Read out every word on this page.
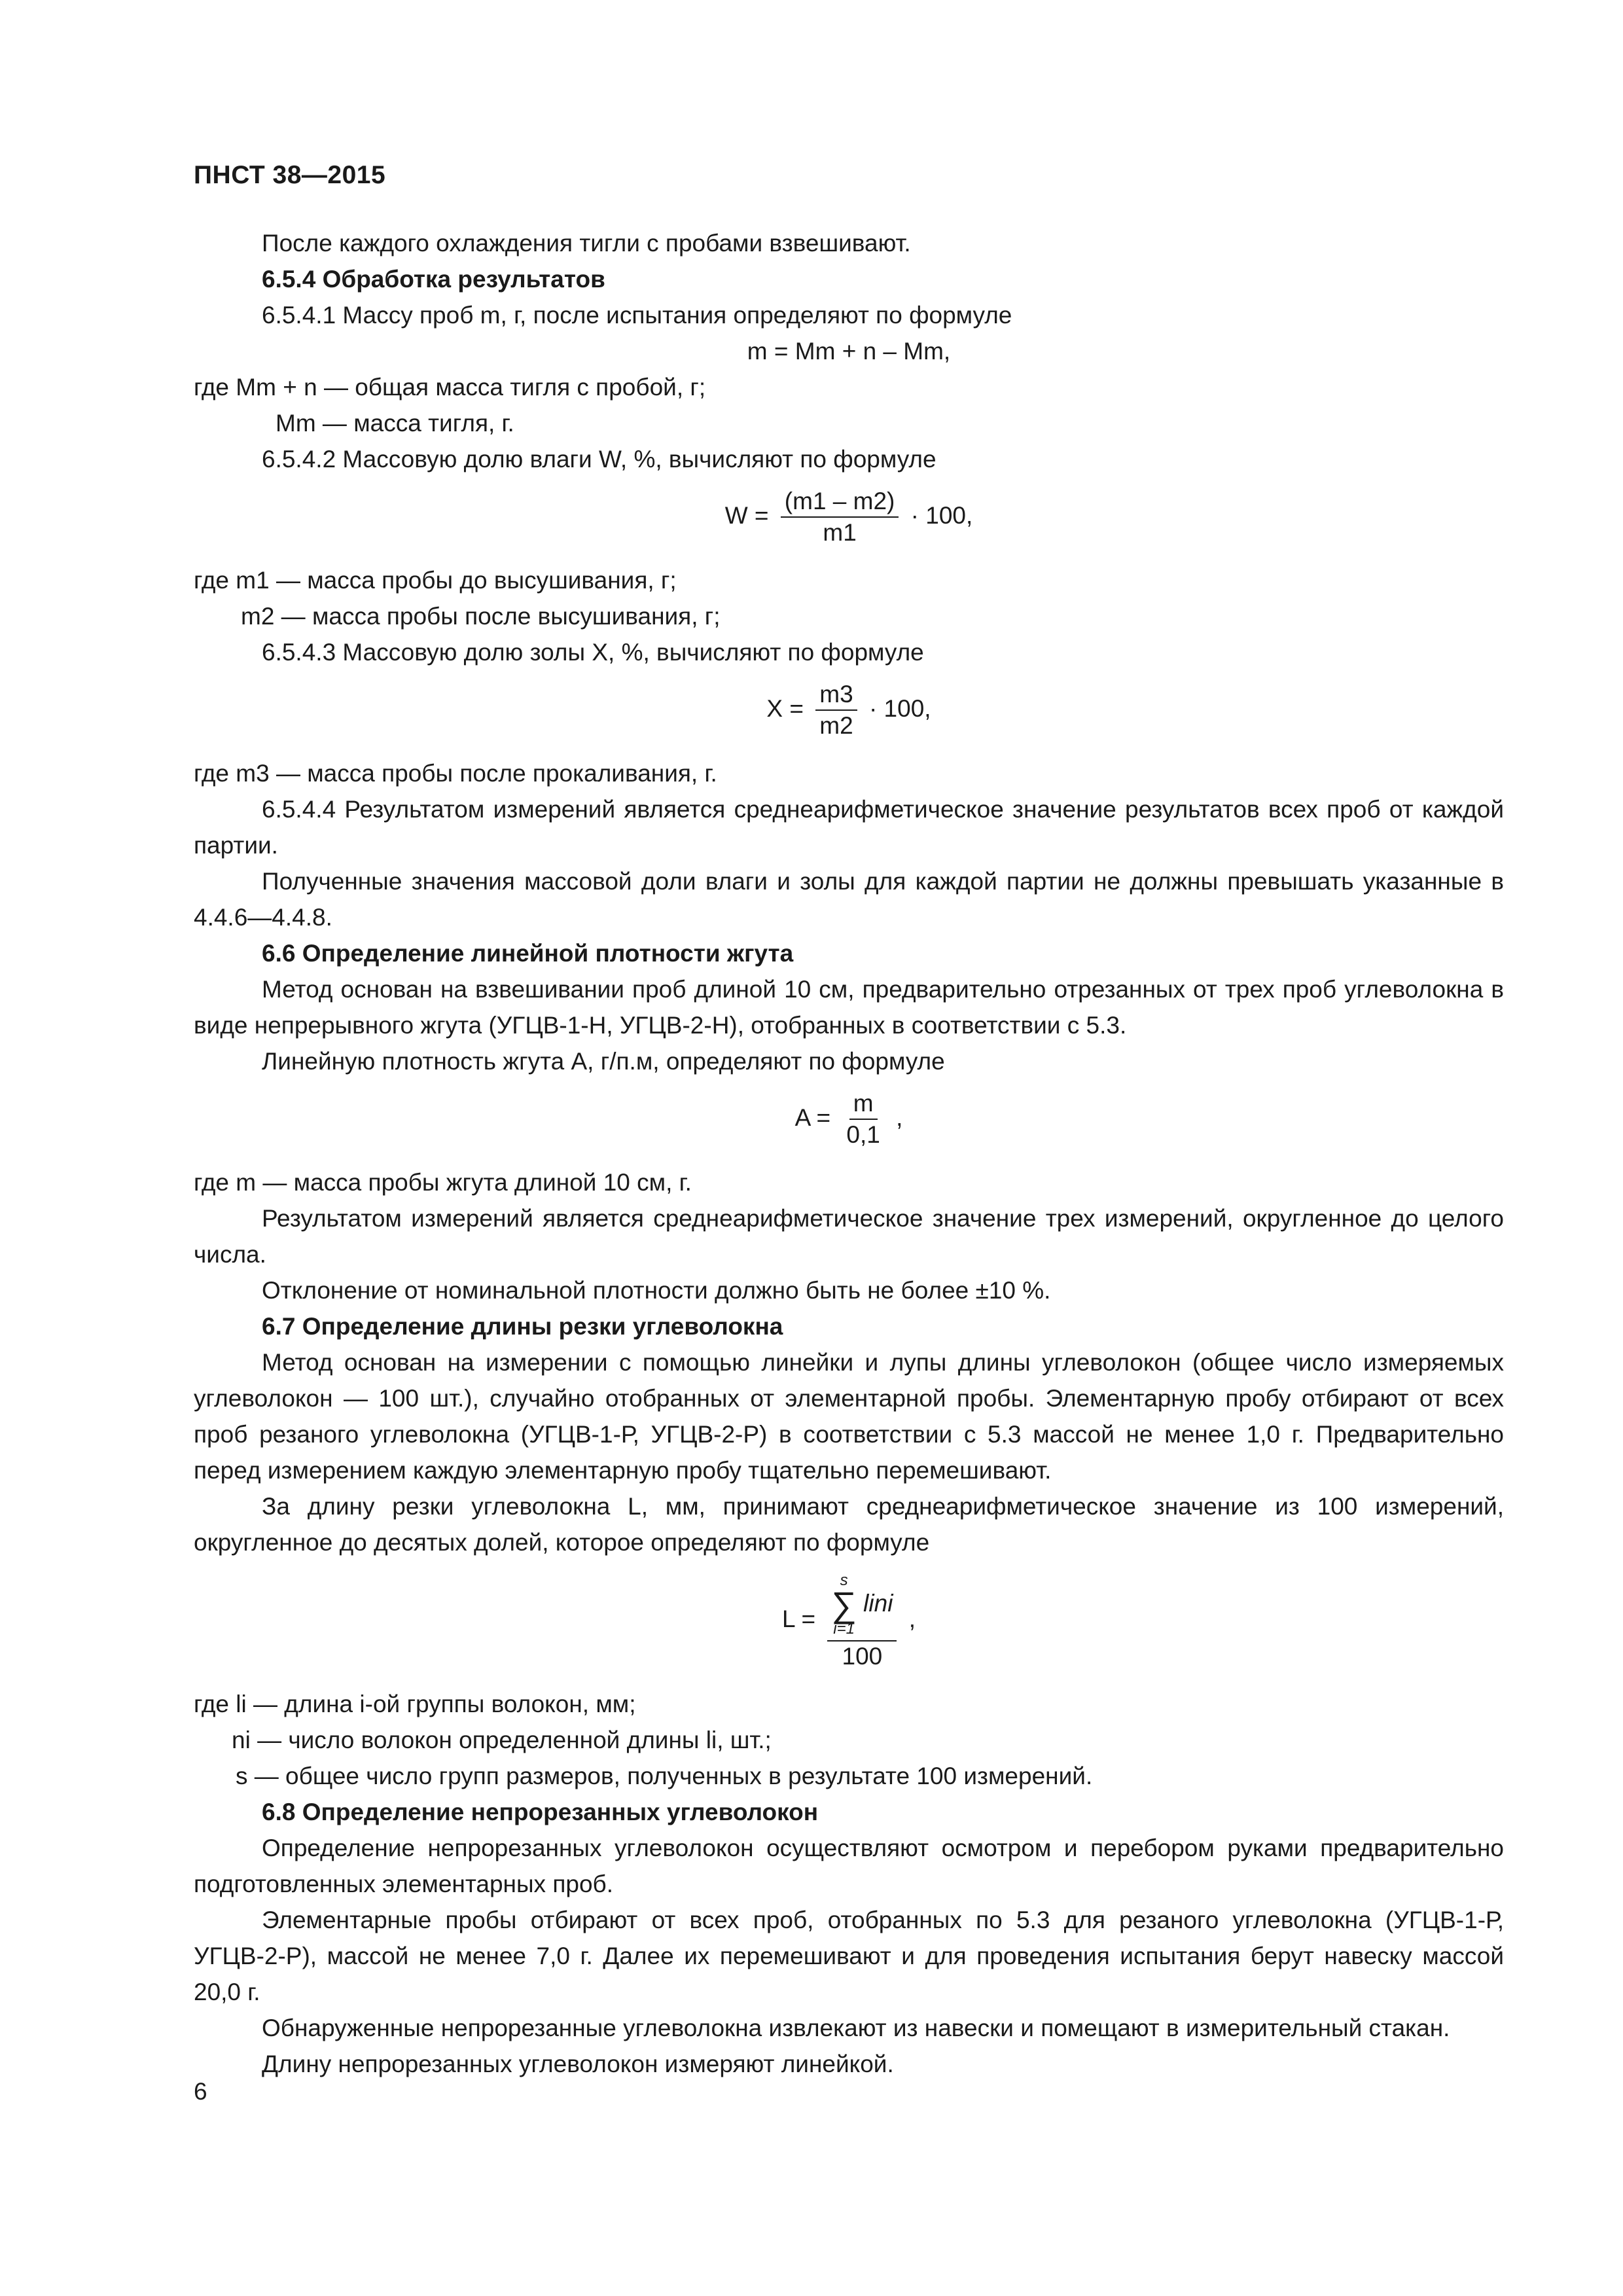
ПНСТ 38—2015

После каждого охлаждения тигли с пробами взвешивают.

6.5.4 Обработка результатов

6.5.4.1 Массу проб m, г, после испытания определяют по формуле

m = Mm + n – Mm,

где Mm + n — общая масса тигля с пробой, г;

Mm — масса тигля, г.

6.5.4.2 Массовую долю влаги W, %, вычисляют по формуле

$W = \frac{(m1 - m2)}{m1} \cdot 100$,

где m1 — масса пробы до высушивания, г;

m2 — масса пробы после высушивания, г;

6.5.4.3 Массовую долю золы X, %, вычисляют по формуле

$X = \frac{m3}{m2} \cdot 100$,

где m3 — масса пробы после прокаливания, г.

6.5.4.4 Результатом измерений является среднеарифметическое значение результатов всех проб от каждой партии.

Полученные значения массовой доли влаги и золы для каждой партии не должны превышать указанные в 4.4.6—4.4.8.

6.6 Определение линейной плотности жгута

Метод основан на взвешивании проб длиной 10 см, предварительно отрезанных от трех проб углеволокна в виде непрерывного жгута (УГЦВ-1-Н, УГЦВ-2-Н), отобранных в соответствии с 5.3.

Линейную плотность жгута A, г/п.м, определяют по формуле

$A = \frac{m}{0,1}$ ,

где m — масса пробы жгута длиной 10 см, г.

Результатом измерений является среднеарифметическое значение трех измерений, округленное до целого числа.

Отклонение от номинальной плотности должно быть не более ±10 %.

6.7 Определение длины резки углеволокна

Метод основан на измерении с помощью линейки и лупы длины углеволокон (общее число измеряемых углеволокон — 100 шт.), случайно отобранных от элементарной пробы. Элементарную пробу отбирают от всех проб резаного углеволокна (УГЦВ-1-Р, УГЦВ-2-Р) в соответствии с 5.3 массой не менее 1,0 г. Предварительно перед измерением каждую элементарную пробу тщательно перемешивают.

За длину резки углеволокна L, мм, принимают среднеарифметическое значение из 100 измерений, округленное до десятых долей, которое определяют по формуле

L = s
∑
i=1
lini
100 ,

где li — длина i-ой группы волокон, мм;

ni — число волокон определенной длины li, шт.;

s — общее число групп размеров, полученных в результате 100 измерений.

6.8 Определение непрорезанных углеволокон

Определение непрорезанных углеволокон осуществляют осмотром и перебором руками предварительно подготовленных элементарных проб.

Элементарные пробы отбирают от всех проб, отобранных по 5.3 для резаного углеволокна (УГЦВ-1-Р, УГЦВ-2-Р), массой не менее 7,0 г. Далее их перемешивают и для проведения испытания берут навеску массой 20,0 г.

Обнаруженные непрорезанные углеволокна извлекают из навески и помещают в измерительный стакан.

Длину непрорезанных углеволокон измеряют линейкой.

6
